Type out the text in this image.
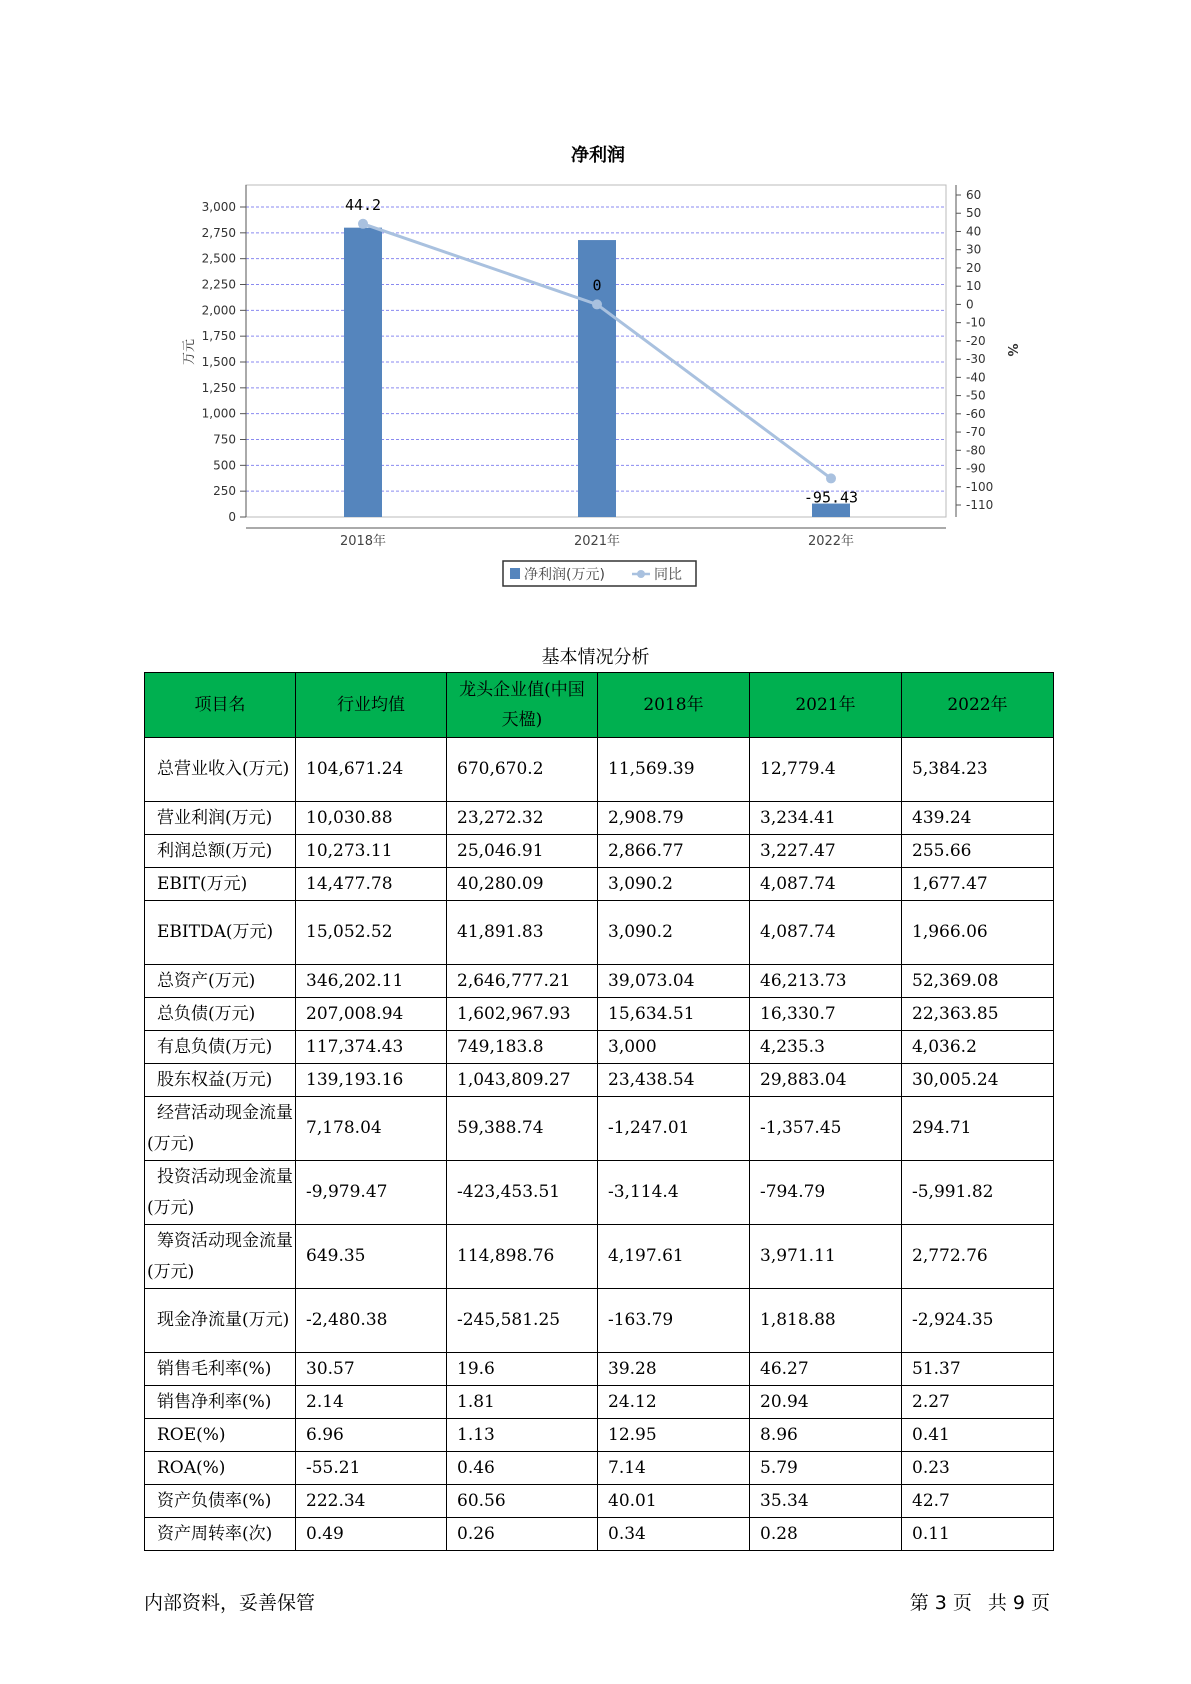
净利润
0
250
500
750
1,000
1,250
1,500
1,750
2,000
2,250
2,500
2,750
3,000
60
50
40
30
20
10
0
-10
-20
-30
-40
-50
-60
-70
-80
-90
-100
-110
万元	%
2018年	2021年	2022年
44.2
0
-95.43
净利润(万元)	同比
基本情况分析
项目名	行业均值	龙头企业值(中国天楹)	2018年	2021年	2022年
总营业收入(万元)	104,671.24	670,670.2	11,569.39	12,779.4	5,384.23
营业利润(万元)	10,030.88	23,272.32	2,908.79	3,234.41	439.24
利润总额(万元)	10,273.11	25,046.91	2,866.77	3,227.47	255.66
EBIT(万元)	14,477.78	40,280.09	3,090.2	4,087.74	1,677.47
EBITDA(万元)	15,052.52	41,891.83	3,090.2	4,087.74	1,966.06
总资产(万元)	346,202.11	2,646,777.21	39,073.04	46,213.73	52,369.08
总负债(万元)	207,008.94	1,602,967.93	15,634.51	16,330.7	22,363.85
有息负债(万元)	117,374.43	749,183.8	3,000	4,235.3	4,036.2
股东权益(万元)	139,193.16	1,043,809.27	23,438.54	29,883.04	30,005.24
经营活动现金流量(万元)	7,178.04	59,388.74	-1,247.01	-1,357.45	294.71
投资活动现金流量(万元)	-9,979.47	-423,453.51	-3,114.4	-794.79	-5,991.82
筹资活动现金流量(万元)	649.35	114,898.76	4,197.61	3,971.11	2,772.76
现金净流量(万元)	-2,480.38	-245,581.25	-163.79	1,818.88	-2,924.35
销售毛利率(%)	30.57	19.6	39.28	46.27	51.37
销售净利率(%)	2.14	1.81	24.12	20.94	2.27
ROE(%)	6.96	1.13	12.95	8.96	0.41
ROA(%)	-55.21	0.46	7.14	5.79	0.23
资产负债率(%)	222.34	60.56	40.01	35.34	42.7
资产周转率(次)	0.49	0.26	0.34	0.28	0.11
内部资料，妥善保管	第 3 页 共 9 页
